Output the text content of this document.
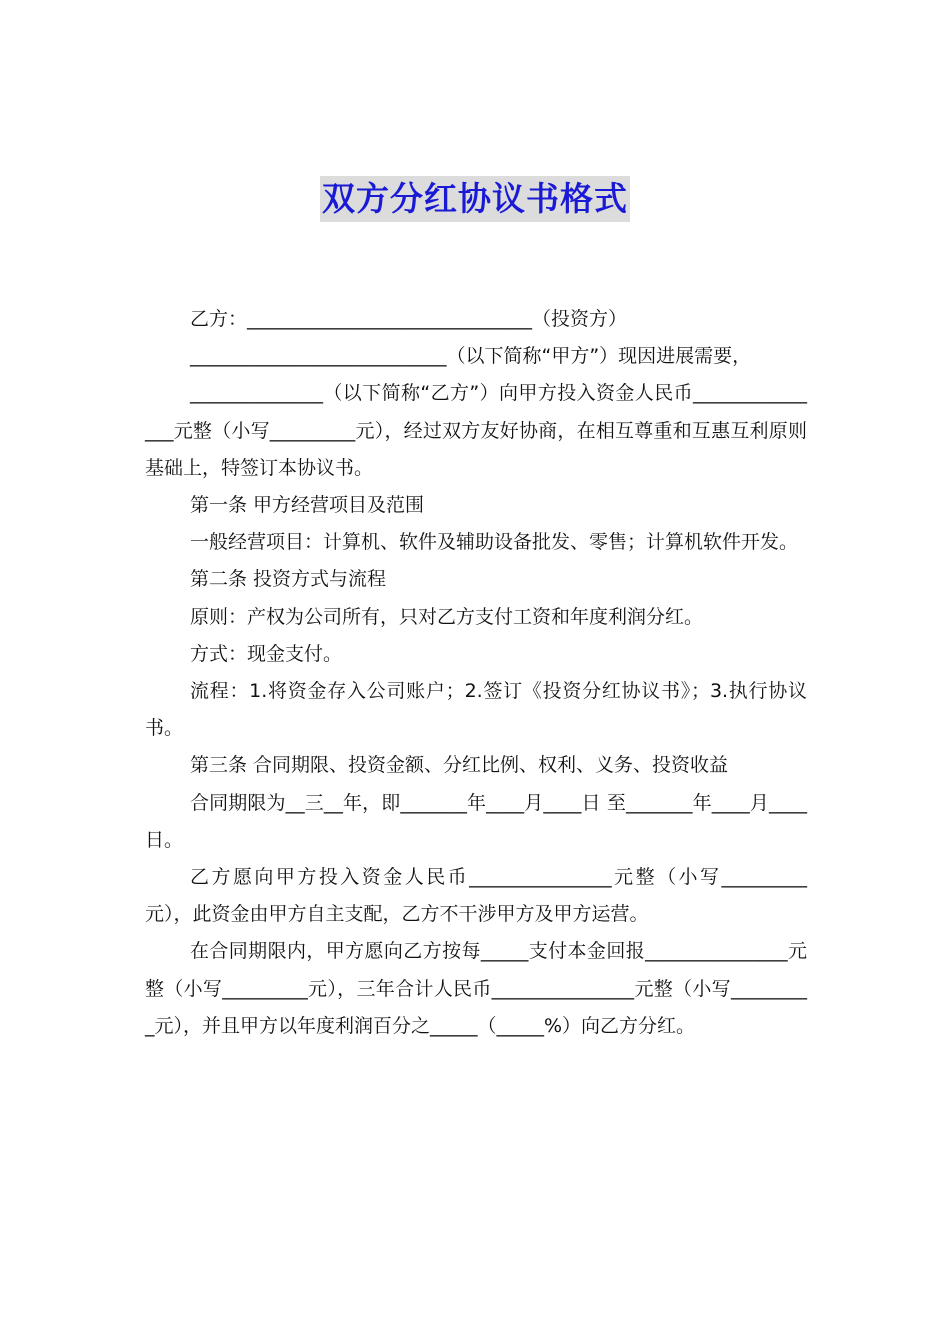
双方分红协议书格式

乙方：______________________________（投资方）

___________________________（以下简称“甲方”）现因进展需要，

______________（以下简称“乙方”）向甲方投入资金人民币_______________元整（小写_________元），经过双方友好协商，在相互尊重和互惠互利原则基础上，特签订本协议书。

第一条 甲方经营项目及范围

一般经营项目：计算机、软件及辅助设备批发、零售；计算机软件开发。

第二条 投资方式与流程

原则：产权为公司所有，只对乙方支付工资和年度利润分红。

方式：现金支付。

流程：1.将资金存入公司账户；2.签订《投资分红协议书》；3.执行协议书。

第三条 合同期限、投资金额、分红比例、权利、义务、投资收益

合同期限为__三__年，即_______年____月____日 至_______年____月____日。

乙方愿向甲方投入资金人民币_______________元整（小写_________元），此资金由甲方自主支配，乙方不干涉甲方及甲方运营。

在合同期限内，甲方愿向乙方按每_____支付本金回报_______________元整（小写_________元），三年合计人民币_______________元整（小写_________元），并且甲方以年度利润百分之_____（_____%）向乙方分红。
